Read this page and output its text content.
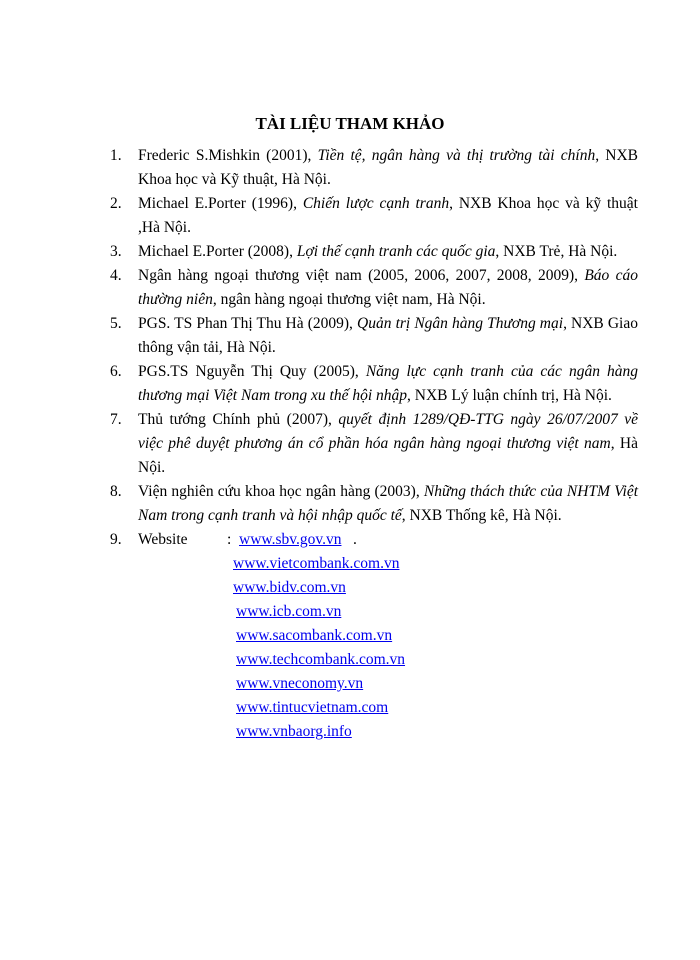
TÀI LIỆU THAM KHẢO
1. Frederic S.Mishkin (2001), Tiền tệ, ngân hàng và thị trường tài chính, NXB Khoa học và Kỹ thuật, Hà Nội.
2. Michael E.Porter (1996), Chiến lược cạnh tranh, NXB Khoa học và kỹ thuật ,Hà Nội.
3. Michael E.Porter (2008), Lợi thế cạnh tranh các quốc gia, NXB Trẻ, Hà Nội.
4. Ngân hàng ngoại thương việt nam (2005, 2006, 2007, 2008, 2009), Báo cáo thường niên, ngân hàng ngoại thương việt nam, Hà Nội.
5. PGS. TS Phan Thị Thu Hà (2009), Quản trị Ngân hàng Thương mại, NXB Giao thông vận tải, Hà Nội.
6. PGS.TS Nguyễn Thị Quy (2005), Năng lực cạnh tranh của các ngân hàng thương mại Việt Nam trong xu thế hội nhập, NXB Lý luận chính trị, Hà Nội.
7. Thủ tướng Chính phủ (2007), quyết định 1289/QĐ-TTG ngày 26/07/2007 về việc phê duyệt phương án cổ phần hóa ngân hàng ngoại thương việt nam, Hà Nội.
8. Viện nghiên cứu khoa học ngân hàng (2003), Những thách thức của NHTM Việt Nam trong cạnh tranh và hội nhập quốc tế, NXB Thống kê, Hà Nội.
9. Website	: www.sbv.gov.vn .
www.vietcombank.com.vn
www.bidv.com.vn
www.icb.com.vn
www.sacombank.com.vn
www.techcombank.com.vn
www.vneconomy.vn
www.tintucvietnam.com
www.vnbaorg.info
